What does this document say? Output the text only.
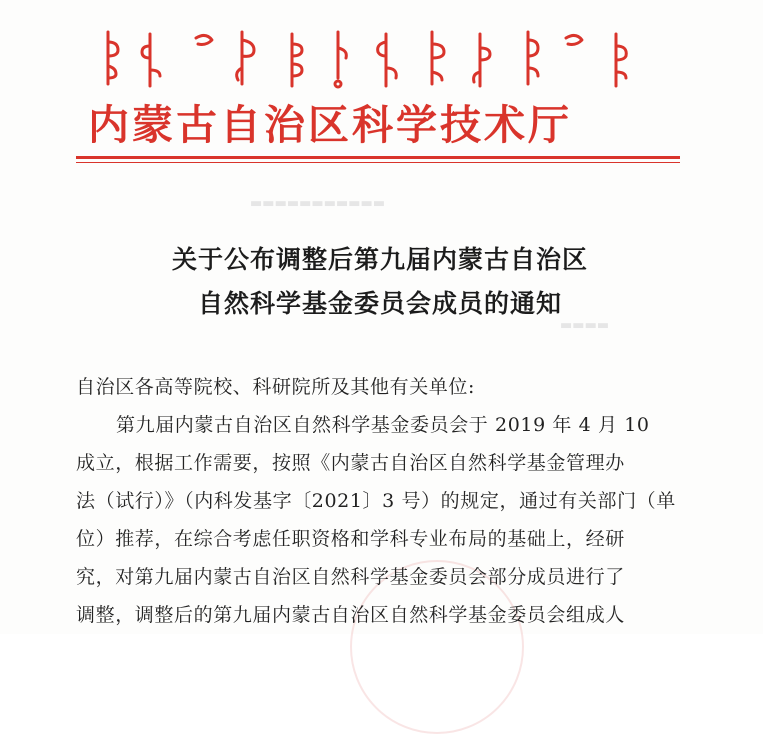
内蒙古自治区科学技术厅
▬▬▬▬▬▬▬▬▬▬▬
▬▬▬▬
关于公布调整后第九届内蒙古自治区
自然科学基金委员会成员的通知
自治区各高等院校、科研院所及其他有关单位:
第九届内蒙古自治区自然科学基金委员会于 2019 年 4 月 10
成立，根据工作需要，按照《内蒙古自治区自然科学基金管理办
法（试行）》（内科发基字〔2021〕3 号）的规定，通过有关部门（单
位）推荐，在综合考虑任职资格和学科专业布局的基础上，经研
究，对第九届内蒙古自治区自然科学基金委员会部分成员进行了
调整，调整后的第九届内蒙古自治区自然科学基金委员会组成人
